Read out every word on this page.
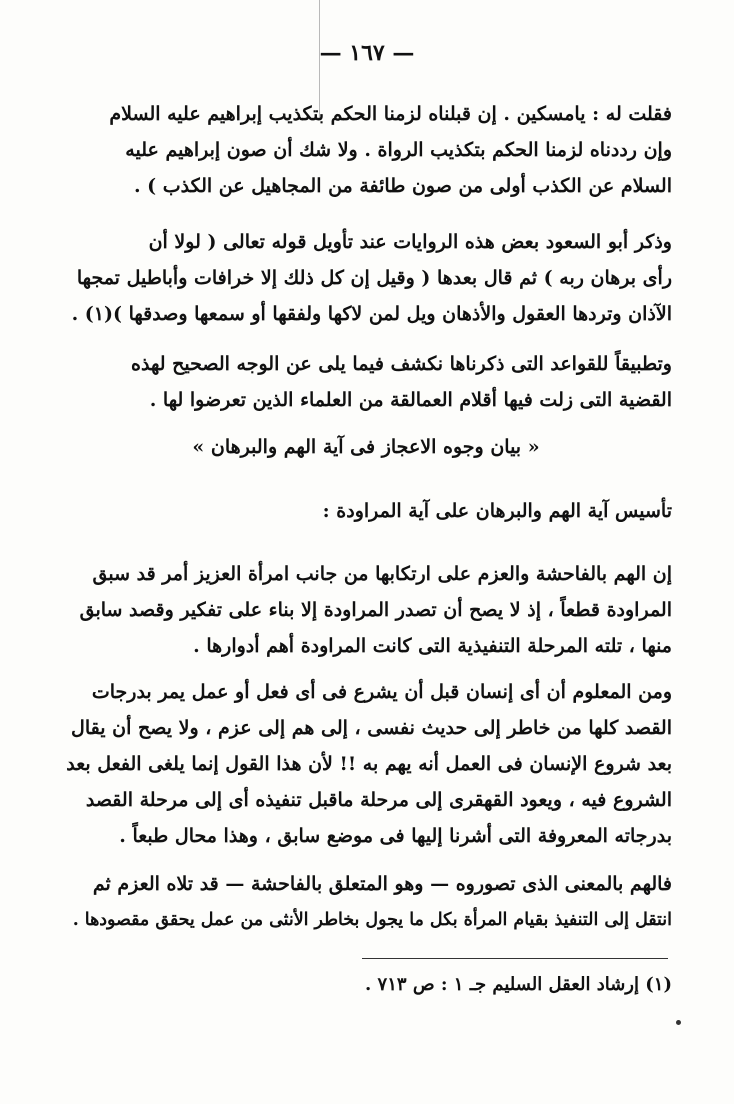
— ١٦٧ —
فقلت له : يامسكين . إن قبلناه لزمنا الحكم بتكذيب إبراهيم عليه السلام
وإن رددناه لزمنا الحكم بتكذيب الرواة . ولا شك أن صون إبراهيم عليه
السلام عن الكذب أولى من صون طائفة من المجاهيل عن الكذب ) .
وذكر أبو السعود بعض هذه الروايات عند تأويل قوله تعالى ( لولا أن
رأى برهان ربه ) ثم قال بعدها ( وقيل إن كل ذلك إلا خرافات وأباطيل تمجها
الآذان وتردها العقول والأذهان ويل لمن لاكها ولفقها أو سمعها وصدقها )(١) .
وتطبيقاً للقواعد التى ذكرناها نكشف فيما يلى عن الوجه الصحيح لهذه
القضية التى زلت فيها أقلام العمالقة من العلماء الذين تعرضوا لها .
« بيان وجوه الاعجاز فى آية الهم والبرهان »
تأسيس آية الهم والبرهان على آية المراودة :
إن الهم بالفاحشة والعزم على ارتكابها من جانب امرأة العزيز أمر قد سبق
المراودة قطعاً ، إذ لا يصح أن تصدر المراودة إلا بناء على تفكير وقصد سابق
منها ، تلته المرحلة التنفيذية التى كانت المراودة أهم أدوارها .
ومن المعلوم أن أى إنسان قبل أن يشرع فى أى فعل أو عمل يمر بدرجات
القصد كلها من خاطر إلى حديث نفسى ، إلى هم إلى عزم ، ولا يصح أن يقال
بعد شروع الإنسان فى العمل أنه يهم به !! لأن هذا القول إنما يلغى الفعل بعد
الشروع فيه ، ويعود القهقرى إلى مرحلة ماقبل تنفيذه أى إلى مرحلة القصد
بدرجاته المعروفة التى أشرنا إليها فى موضع سابق ، وهذا محال طبعاً .
فالهم بالمعنى الذى تصوروه — وهو المتعلق بالفاحشة — قد تلاه العزم ثم
انتقل إلى التنفيذ بقيام المرأة بكل ما يجول بخاطر الأنثى من عمل يحقق مقصودها .
(١) إرشاد العقل السليم جـ ١ : ص ٧١٣ .
